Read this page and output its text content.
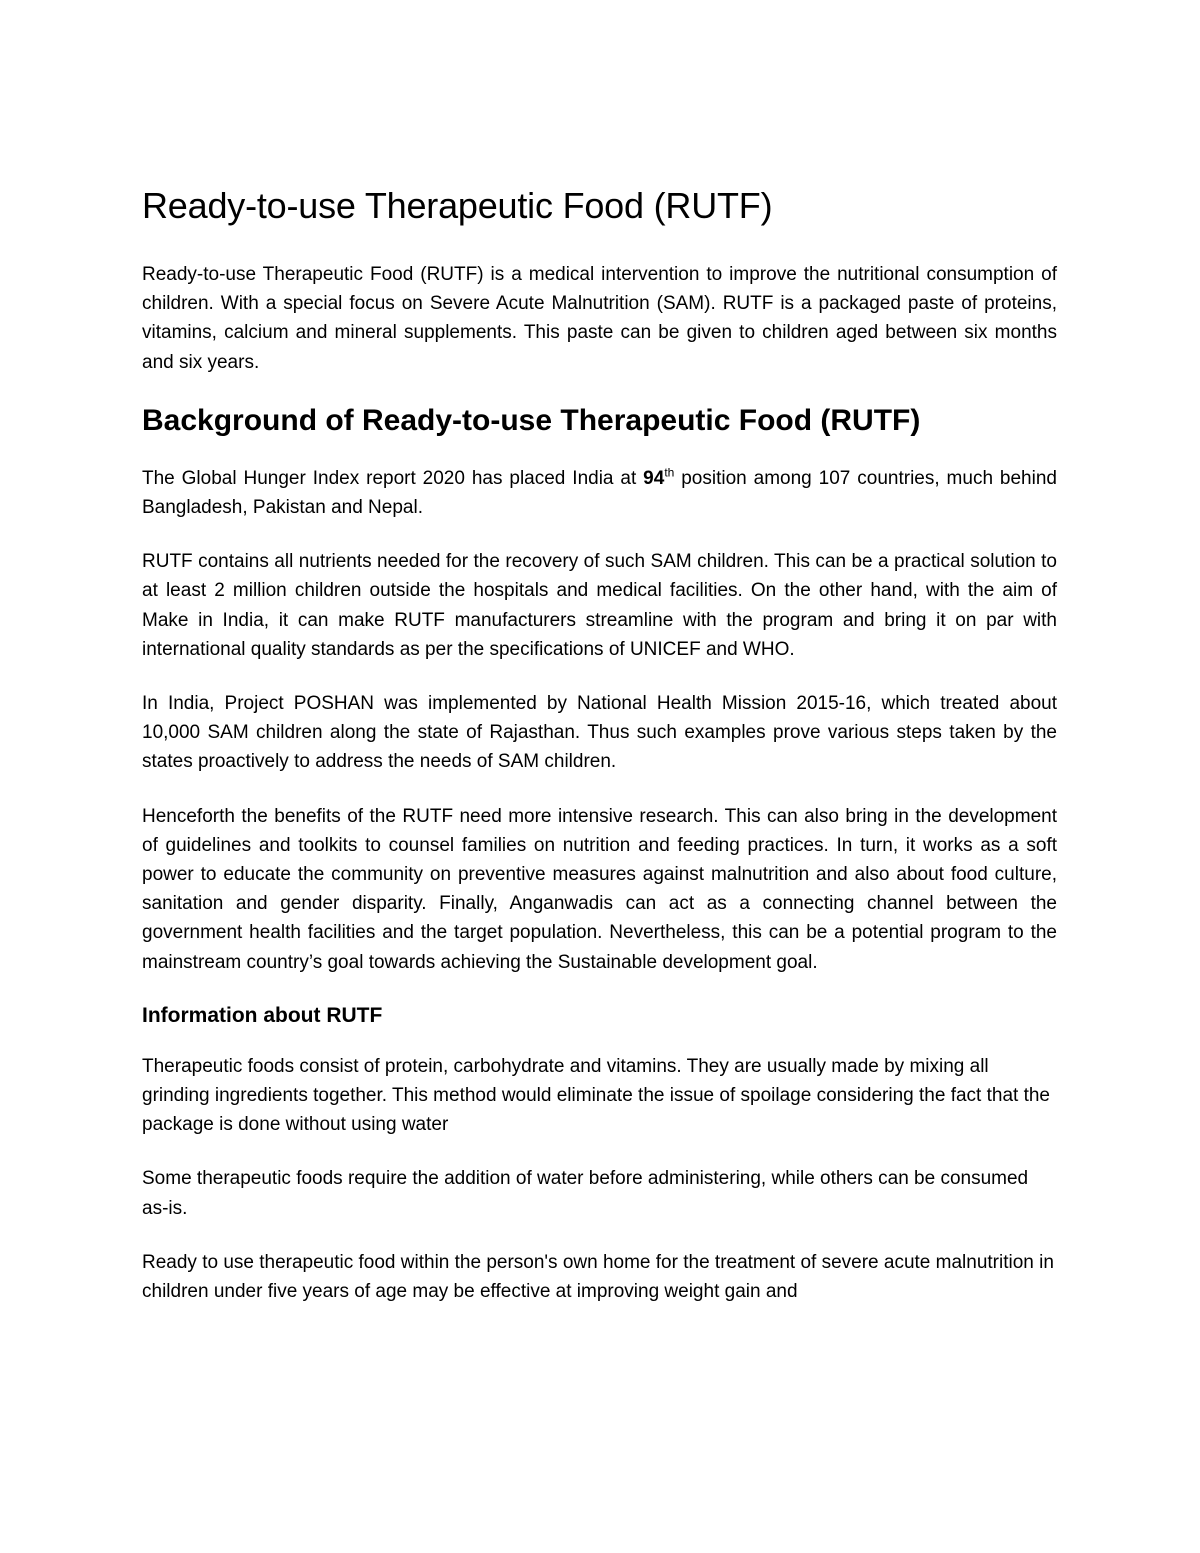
Ready-to-use Therapeutic Food (RUTF)

Ready-to-use Therapeutic Food (RUTF) is a medical intervention to improve the nutritional consumption of children. With a special focus on Severe Acute Malnutrition (SAM). RUTF is a packaged paste of proteins, vitamins, calcium and mineral supplements. This paste can be given to children aged between six months and six years.

Background of Ready-to-use Therapeutic Food (RUTF)

The Global Hunger Index report 2020 has placed India at 94th position among 107 countries, much behind Bangladesh, Pakistan and Nepal.

RUTF contains all nutrients needed for the recovery of such SAM children. This can be a practical solution to at least 2 million children outside the hospitals and medical facilities. On the other hand, with the aim of Make in India, it can make RUTF manufacturers streamline with the program and bring it on par with international quality standards as per the specifications of UNICEF and WHO.

In India, Project POSHAN was implemented by National Health Mission 2015-16, which treated about 10,000 SAM children along the state of Rajasthan. Thus such examples prove various steps taken by the states proactively to address the needs of SAM children.

Henceforth the benefits of the RUTF need more intensive research. This can also bring in the development of guidelines and toolkits to counsel families on nutrition and feeding practices. In turn, it works as a soft power to educate the community on preventive measures against malnutrition and also about food culture, sanitation and gender disparity. Finally, Anganwadis can act as a connecting channel between the government health facilities and the target population. Nevertheless, this can be a potential program to the mainstream country’s goal towards achieving the Sustainable development goal.

Information about RUTF

Therapeutic foods consist of protein, carbohydrate and vitamins. They are usually made by mixing all grinding ingredients together. This method would eliminate the issue of spoilage considering the fact that the package is done without using water

Some therapeutic foods require the addition of water before administering, while others can be consumed as-is.

Ready to use therapeutic food within the person's own home for the treatment of severe acute malnutrition in children under five years of age may be effective at improving weight gain and
